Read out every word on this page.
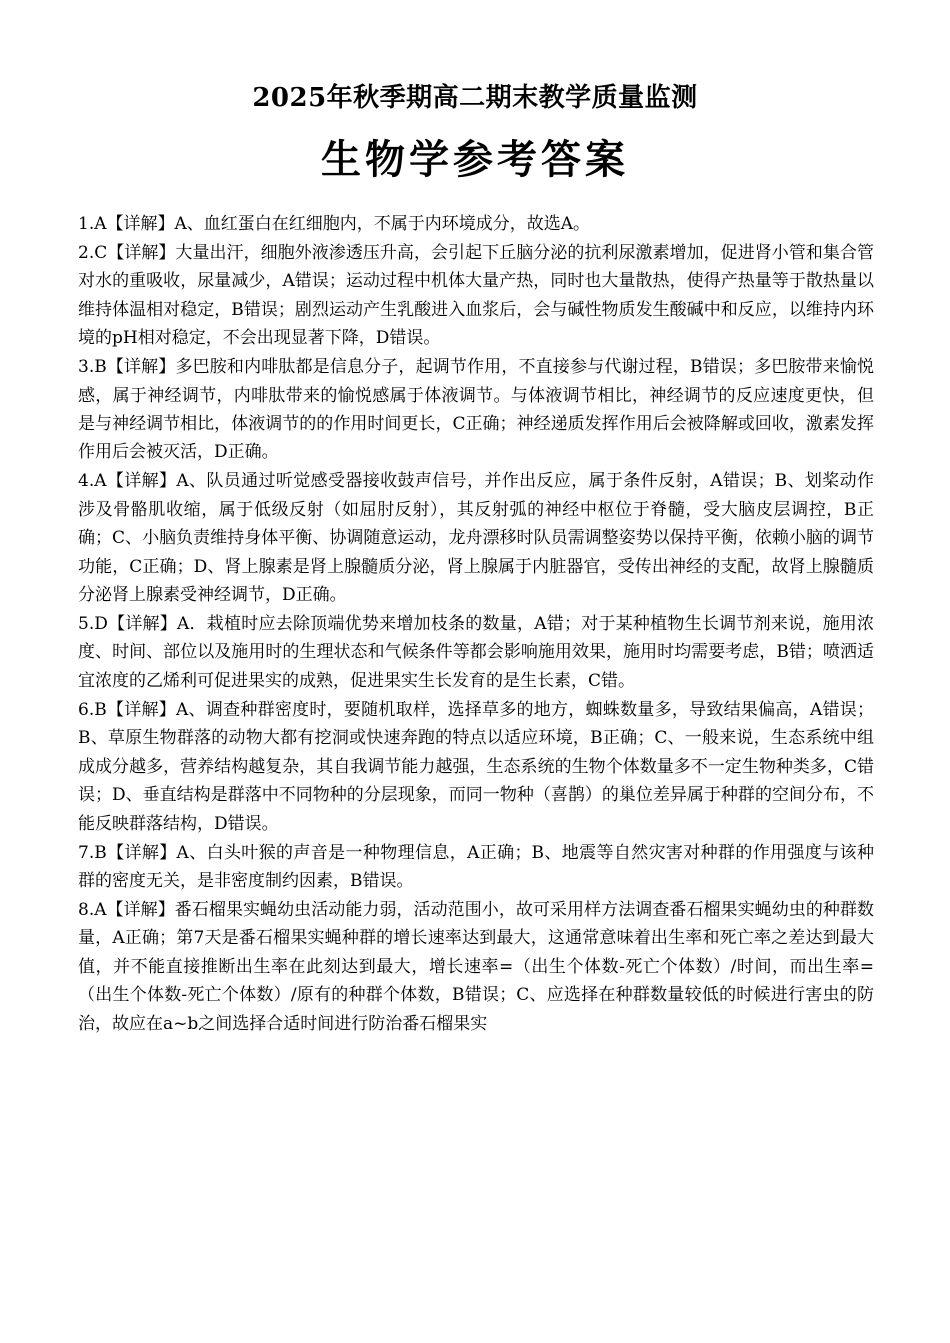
2025年秋季期高二期末教学质量监测
生物学参考答案

1.A【详解】A、血红蛋白在红细胞内，不属于内环境成分，故选A。

2.C【详解】大量出汗，细胞外液渗透压升高，会引起下丘脑分泌的抗利尿激素增加，促进肾小管和集合管对水的重吸收，尿量减少，A错误；运动过程中机体大量产热，同时也大量散热，使得产热量等于散热量以维持体温相对稳定，B错误；剧烈运动产生乳酸进入血浆后，会与碱性物质发生酸碱中和反应，以维持内环境的pH相对稳定，不会出现显著下降，D错误。

3.B【详解】多巴胺和内啡肽都是信息分子，起调节作用，不直接参与代谢过程，B错误；多巴胺带来愉悦感，属于神经调节，内啡肽带来的愉悦感属于体液调节。与体液调节相比，神经调节的反应速度更快，但是与神经调节相比，体液调节的的作用时间更长，C正确；神经递质发挥作用后会被降解或回收，激素发挥作用后会被灭活，D正确。

4.A【详解】A、队员通过听觉感受器接收鼓声信号，并作出反应，属于条件反射，A错误；B、划桨动作涉及骨骼肌收缩，属于低级反射（如屈肘反射），其反射弧的神经中枢位于脊髓，受大脑皮层调控，B正确；C、小脑负责维持身体平衡、协调随意运动，龙舟漂移时队员需调整姿势以保持平衡，依赖小脑的调节功能，C正确；D、肾上腺素是肾上腺髓质分泌，肾上腺属于内脏器官，受传出神经的支配，故肾上腺髓质分泌肾上腺素受神经调节，D正确。

5.D【详解】A．栽植时应去除顶端优势来增加枝条的数量，A错；对于某种植物生长调节剂来说，施用浓度、时间、部位以及施用时的生理状态和气候条件等都会影响施用效果，施用时均需要考虑，B错；喷洒适宜浓度的乙烯利可促进果实的成熟，促进果实生长发育的是生长素，C错。

6.B【详解】A、调查种群密度时，要随机取样，选择草多的地方，蜘蛛数量多，导致结果偏高，A错误；B、草原生物群落的动物大都有挖洞或快速奔跑的特点以适应环境，B正确；C、一般来说，生态系统中组成成分越多，营养结构越复杂，其自我调节能力越强，生态系统的生物个体数量多不一定生物种类多，C错误；D、垂直结构是群落中不同物种的分层现象，而同一物种（喜鹊）的巢位差异属于种群的空间分布，不能反映群落结构，D错误。

7.B【详解】A、白头叶猴的声音是一种物理信息，A正确；B、地震等自然灾害对种群的作用强度与该种群的密度无关，是非密度制约因素，B错误。

8.A【详解】番石榴果实蝇幼虫活动能力弱，活动范围小，故可采用样方法调查番石榴果实蝇幼虫的种群数量，A正确；第7天是番石榴果实蝇种群的增长速率达到最大，这通常意味着出生率和死亡率之差达到最大值，并不能直接推断出生率在此刻达到最大，增长速率=（出生个体数-死亡个体数）/时间，而出生率=（出生个体数-死亡个体数）/原有的种群个体数，B错误；C、应选择在种群数量较低的时候进行害虫的防治，故应在a~b之间选择合适时间进行防治番石榴果实
